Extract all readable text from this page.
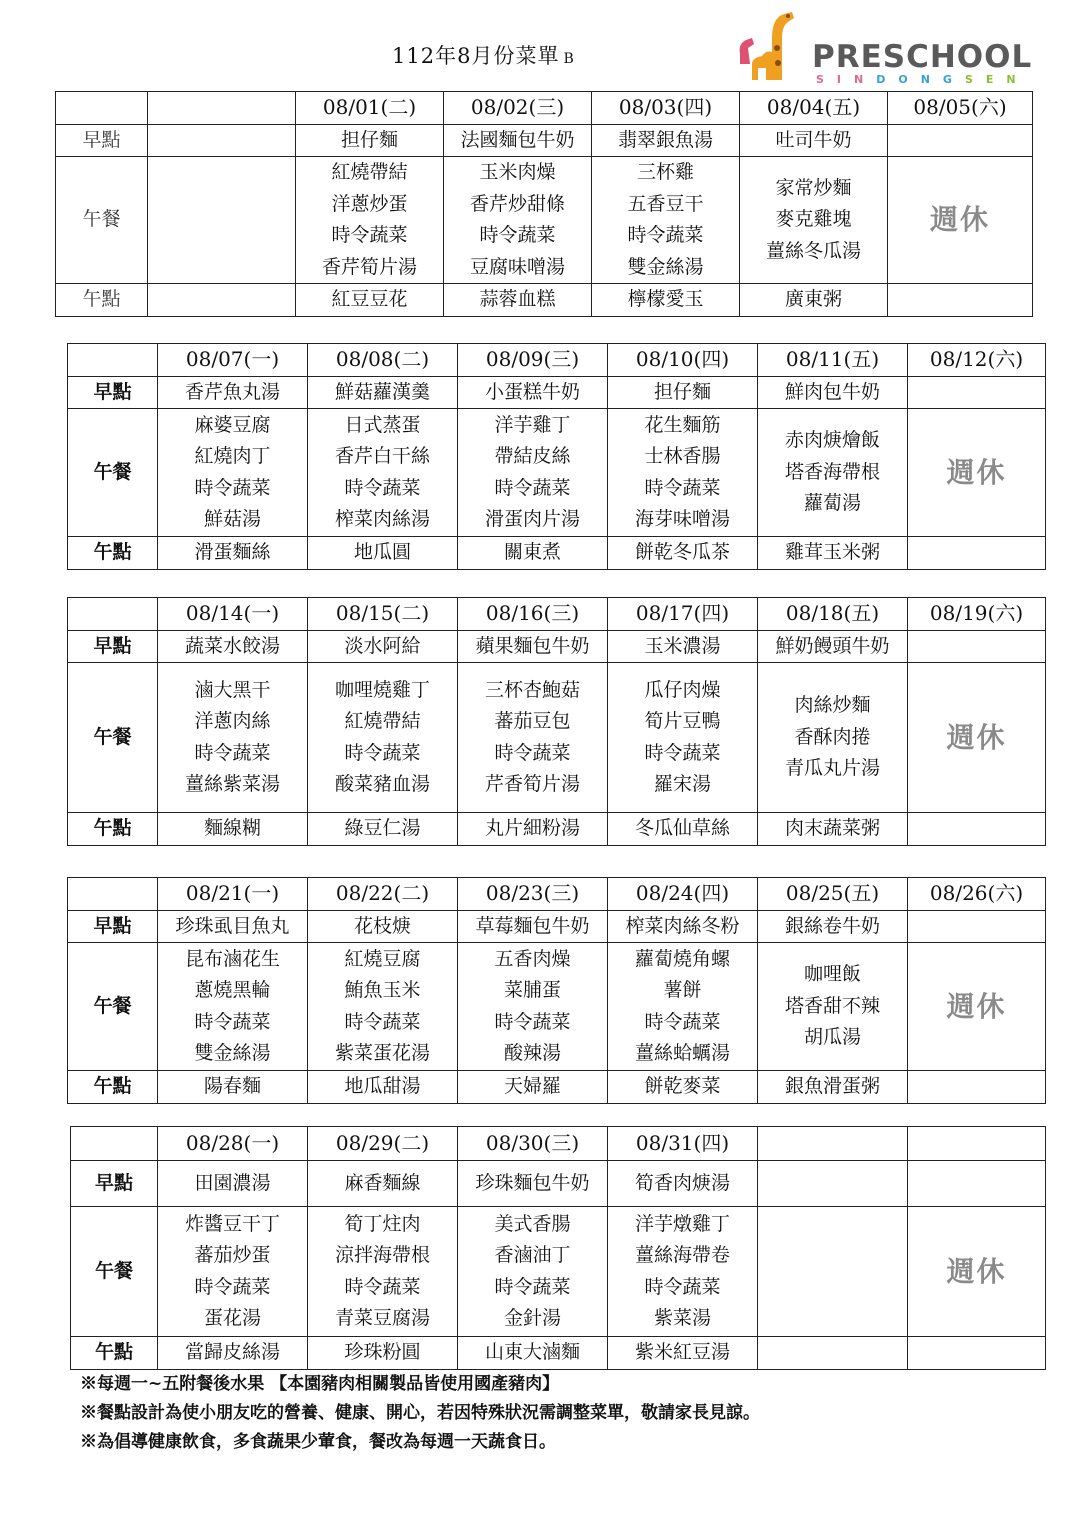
112年8月份菜單 B	PRESCHOOL
SINDONGSEN
		08/01(二)	08/02(三)	08/03(四)	08/04(五)	08/05(六)
早點		担仔麵	法國麵包牛奶	翡翠銀魚湯	吐司牛奶	
午餐		紅燒帶結
洋蔥炒蛋
時令蔬菜
香芹筍片湯	玉米肉燥
香芹炒甜條
時令蔬菜
豆腐味噌湯	三杯雞
五香豆干
時令蔬菜
雙金絲湯	家常炒麵
麥克雞塊
薑絲冬瓜湯	週休
午點		紅豆豆花	蒜蓉血糕	檸檬愛玉	廣東粥	
	08/07(一)	08/08(二)	08/09(三)	08/10(四)	08/11(五)	08/12(六)
早點	香芹魚丸湯	鮮菇蘿漢羹	小蛋糕牛奶	担仔麵	鮮肉包牛奶	
午餐	麻婆豆腐
紅燒肉丁
時令蔬菜
鮮菇湯	日式蒸蛋
香芹白干絲
時令蔬菜
榨菜肉絲湯	洋芋雞丁
帶結皮絲
時令蔬菜
滑蛋肉片湯	花生麵筋
士林香腸
時令蔬菜
海芽味噌湯	赤肉焿燴飯
塔香海帶根
蘿蔔湯	週休
午點	滑蛋麵絲	地瓜圓	關東煮	餅乾冬瓜茶	雞茸玉米粥	
	08/14(一)	08/15(二)	08/16(三)	08/17(四)	08/18(五)	08/19(六)
早點	蔬菜水餃湯	淡水阿給	蘋果麵包牛奶	玉米濃湯	鮮奶饅頭牛奶	
午餐	滷大黑干
洋蔥肉絲
時令蔬菜
薑絲紫菜湯	咖哩燒雞丁
紅燒帶結
時令蔬菜
酸菜豬血湯	三杯杏鮑菇
蕃茄豆包
時令蔬菜
芹香筍片湯	瓜仔肉燥
筍片豆鴨
時令蔬菜
羅宋湯	肉絲炒麵
香酥肉捲
青瓜丸片湯	週休
午點	麵線糊	綠豆仁湯	丸片細粉湯	冬瓜仙草絲	肉末蔬菜粥	
	08/21(一)	08/22(二)	08/23(三)	08/24(四)	08/25(五)	08/26(六)
早點	珍珠虱目魚丸	花枝焿	草莓麵包牛奶	榨菜肉絲冬粉	銀絲卷牛奶	
午餐	昆布滷花生
蔥燒黑輪
時令蔬菜
雙金絲湯	紅燒豆腐
鮪魚玉米
時令蔬菜
紫菜蛋花湯	五香肉燥
菜脯蛋
時令蔬菜
酸辣湯	蘿蔔燒角螺
薯餅
時令蔬菜
薑絲蛤蠣湯	咖哩飯
塔香甜不辣
胡瓜湯	週休
午點	陽春麵	地瓜甜湯	天婦羅	餅乾麥菜	銀魚滑蛋粥	
	08/28(一)	08/29(二)	08/30(三)	08/31(四)		
早點	田園濃湯	麻香麵線	珍珠麵包牛奶	筍香肉焿湯		
午餐	炸醬豆干丁
蕃茄炒蛋
時令蔬菜
蛋花湯	筍丁炷肉
涼拌海帶根
時令蔬菜
青菜豆腐湯	美式香腸
香滷油丁
時令蔬菜
金針湯	洋芋燉雞丁
薑絲海帶卷
時令蔬菜
紫菜湯		週休
午點	當歸皮絲湯	珍珠粉圓	山東大滷麵	紫米紅豆湯		
※每週一~五附餐後水果 【本園豬肉相關製品皆使用國產豬肉】
※餐點設計為使小朋友吃的營養、健康、開心，若因特殊狀況需調整菜單，敬請家長見諒。
※為倡導健康飲食，多食蔬果少葷食，餐改為每週一天蔬食日。
